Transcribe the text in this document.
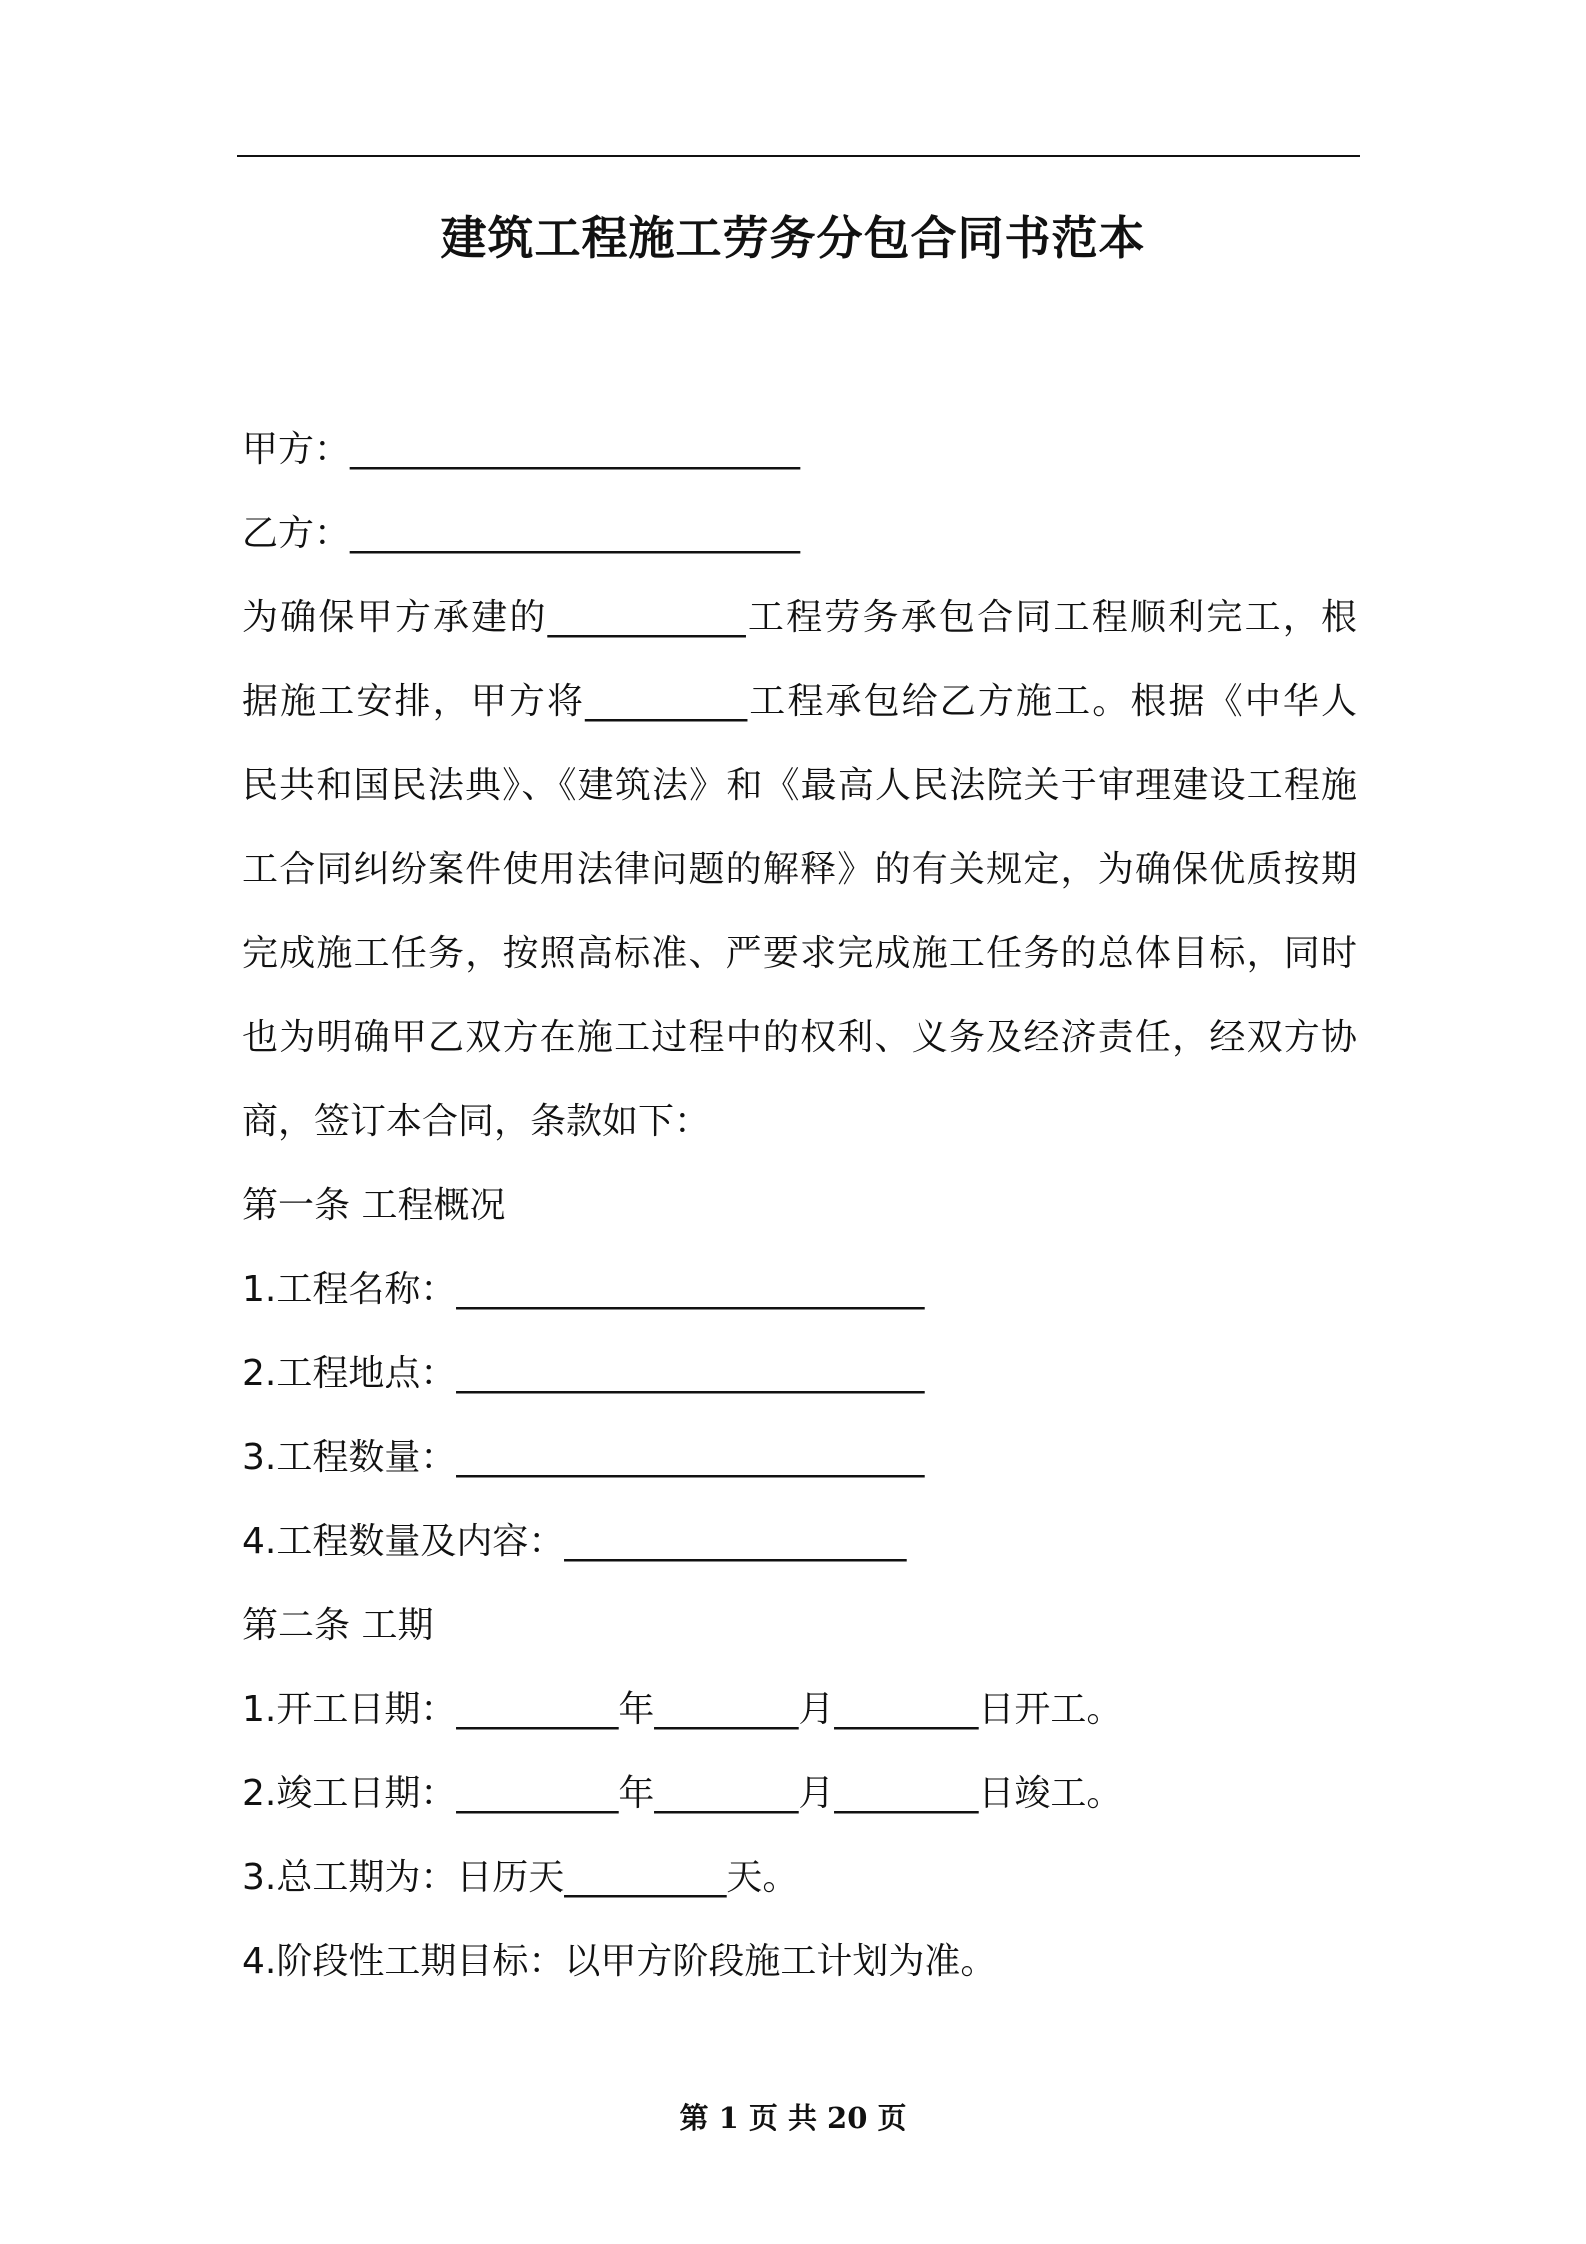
建筑工程施工劳务分包合同书范本
甲方：_________________________
乙方：_________________________
为确保甲方承建的___________工程劳务承包合同工程顺利完工，根
据施工安排，甲方将_________工程承包给乙方施工。根据《中华人
民共和国民法典》、《建筑法》和《最高人民法院关于审理建设工程施
工合同纠纷案件使用法律问题的解释》的有关规定，为确保优质按期
完成施工任务，按照高标准、严要求完成施工任务的总体目标，同时
也为明确甲乙双方在施工过程中的权利、义务及经济责任，经双方协
商，签订本合同，条款如下：
第一条 工程概况
1.工程名称：__________________________
2.工程地点：__________________________
3.工程数量：__________________________
4.工程数量及内容：___________________
第二条 工期
1.开工日期：_________年________月________日开工。
2.竣工日期：_________年________月________日竣工。
3.总工期为：日历天_________天。
4.阶段性工期目标：以甲方阶段施工计划为准。
第 1 页 共 20 页
